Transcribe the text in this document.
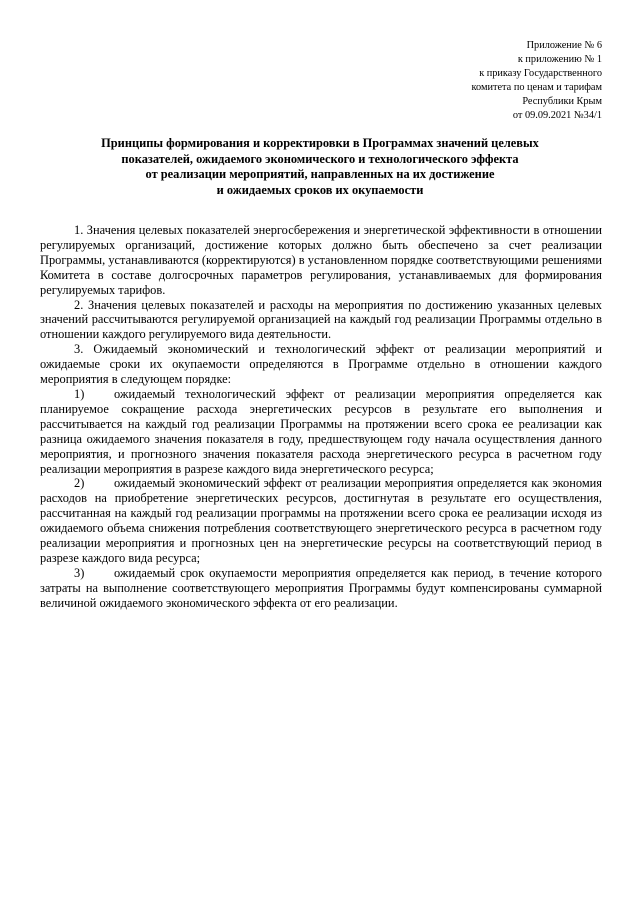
Приложение № 6
к приложению № 1
к приказу Государственного
комитета по ценам и тарифам
Республики Крым
от 09.09.2021 №34/1
Принципы формирования и корректировки в Программах значений целевых
показателей, ожидаемого экономического и технологического эффекта
от реализации мероприятий, направленных на их достижение
и ожидаемых сроков их окупаемости

1. Значения целевых показателей энергосбережения и энергетической эффективности в отношении регулируемых организаций, достижение которых должно быть обеспечено за счет реализации Программы, устанавливаются (корректируются) в установленном порядке соответствующими решениями Комитета в составе долгосрочных параметров регулирования, устанавливаемых для формирования регулируемых тарифов.

2. Значения целевых показателей и расходы на мероприятия по достижению указанных целевых значений рассчитываются регулируемой организацией на каждый год реализации Программы отдельно в отношении каждого регулируемого вида деятельности.

3. Ожидаемый экономический и технологический эффект от реализации мероприятий и ожидаемые сроки их окупаемости определяются в Программе отдельно в отношении каждого мероприятия в следующем порядке:

1) ожидаемый технологический эффект от реализации мероприятия определяется как планируемое сокращение расхода энергетических ресурсов в результате его выполнения и рассчитывается на каждый год реализации Программы на протяжении всего срока ее реализации как разница ожидаемого значения показателя в году, предшествующем году начала осуществления данного мероприятия, и прогнозного значения показателя расхода энергетического ресурса в расчетном году реализации мероприятия в разрезе каждого вида энергетического ресурса;

2) ожидаемый экономический эффект от реализации мероприятия определяется как экономия расходов на приобретение энергетических ресурсов, достигнутая в результате его осуществления, рассчитанная на каждый год реализации программы на протяжении всего срока ее реализации исходя из ожидаемого объема снижения потребления соответствующего энергетического ресурса в расчетном году реализации мероприятия и прогнозных цен на энергетические ресурсы на соответствующий период в разрезе каждого вида ресурса;

3) ожидаемый срок окупаемости мероприятия определяется как период, в течение которого затраты на выполнение соответствующего мероприятия Программы будут компенсированы суммарной величиной ожидаемого экономического эффекта от его реализации.
